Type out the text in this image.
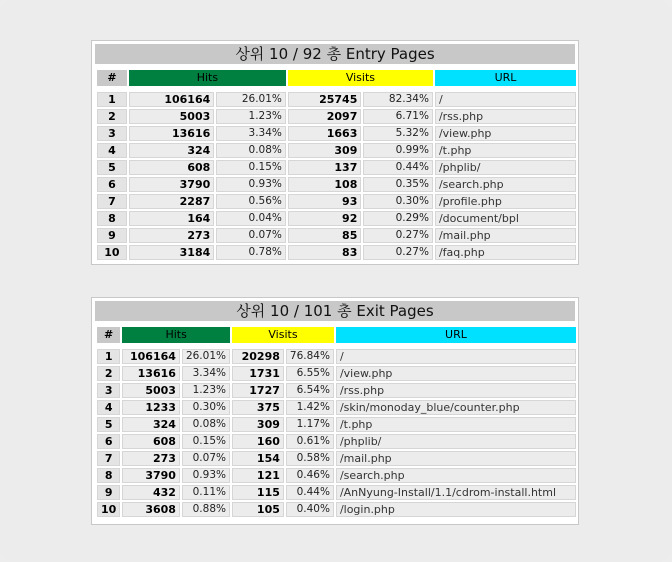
상위 10 / 92 총 Entry Pages
#	Hits		Visits		URL

1	106164	26.01%	25745	82.34%	/
2	5003	1.23%	2097	6.71%	/rss.php
3	13616	3.34%	1663	5.32%	/view.php
4	324	0.08%	309	0.99%	/t.php
5	608	0.15%	137	0.44%	/phplib/
6	3790	0.93%	108	0.35%	/search.php
7	2287	0.56%	93	0.30%	/profile.php
8	164	0.04%	92	0.29%	/document/bpl
9	273	0.07%	85	0.27%	/mail.php
10	3184	0.78%	83	0.27%	/faq.php
상위 10 / 101 총 Exit Pages
#	Hits		Visits		URL

1	106164	26.01%	20298	76.84%	/
2	13616	3.34%	1731	6.55%	/view.php
3	5003	1.23%	1727	6.54%	/rss.php
4	1233	0.30%	375	1.42%	/skin/monoday_blue/counter.php
5	324	0.08%	309	1.17%	/t.php
6	608	0.15%	160	0.61%	/phplib/
7	273	0.07%	154	0.58%	/mail.php
8	3790	0.93%	121	0.46%	/search.php
9	432	0.11%	115	0.44%	/AnNyung-Install/1.1/cdrom-install.html
10	3608	0.88%	105	0.40%	/login.php
